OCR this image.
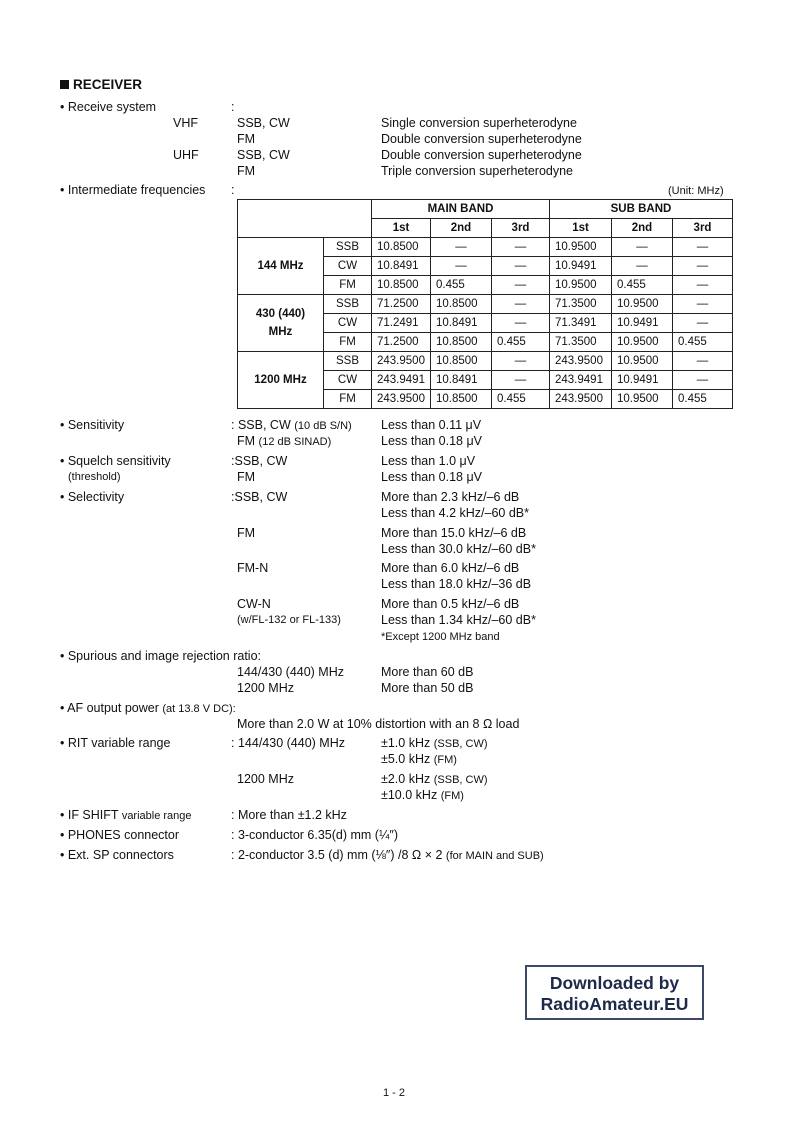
RECEIVER
• Receive system	:
VHF	SSB, CW	Single conversion superheterodyne
FM	Double conversion superheterodyne
UHF	SSB, CW	Double conversion superheterodyne
FM	Triple conversion superheterodyne
• Intermediate frequencies :	(Unit: MHz)
		MAIN BAND			SUB BAND		
		1st	2nd	3rd	1st	2nd	3rd
144 MHz	SSB	10.8500	—	—	10.9500	—	—
	CW	10.8491	—	—	10.9491	—	—
	FM	10.8500	0.455	—	10.9500	0.455	—
430 (440) MHz	SSB	71.2500	10.8500	—	71.3500	10.9500	—
	CW	71.2491	10.8491	—	71.3491	10.9491	—
	FM	71.2500	10.8500	0.455	71.3500	10.9500	0.455
1200 MHz	SSB	243.9500	10.8500	—	243.9500	10.9500	—
	CW	243.9491	10.8491	—	243.9491	10.9491	—
	FM	243.9500	10.8500	0.455	243.9500	10.9500	0.455
• Sensitivity	: SSB, CW (10 dB S/N) Less than 0.11 μV
FM (12 dB SINAD)	Less than 0.18 μV
• Squelch sensitivity
(threshold)
:SSB, CW	Less than 1.0 μV
FM	Less than 0.18 μV
• Selectivity	:SSB, CW	More than 2.3 kHz/–6 dB
Less than 4.2 kHz/–60 dB*
FM	More than 15.0 kHz/–6 dB
Less than 30.0 kHz/–60 dB*
FM-N	More than 6.0 kHz/–6 dB
Less than 18.0 kHz/–36 dB
CW-N
(w/FL-132 or FL-133)
More than 0.5 kHz/–6 dB
Less than 1.34 kHz/–60 dB*
*Except 1200 MHz band
• Spurious and image rejection ratio:
144/430 (440) MHz	More than 60 dB
1200 MHz	More than 50 dB
• AF output power (at 13.8 V DC):
More than 2.0 W at 10% distortion with an 8 Ω load
• RIT variable range	: 144/430 (440) MHz	±1.0 kHz (SSB, CW)
±5.0 kHz (FM)
1200 MHz	±2.0 kHz (SSB, CW)
±10.0 kHz (FM)
• IF SHIFT variable range	: More than ±1.2 kHz
• PHONES connector	: 3-conductor 6.35(d) mm (¼″)
• Ext. SP connectors	: 2-conductor 3.5 (d) mm (⅛″) /8 Ω × 2 (for MAIN and SUB)
Downloaded by
RadioAmateur.EU
1 - 2
